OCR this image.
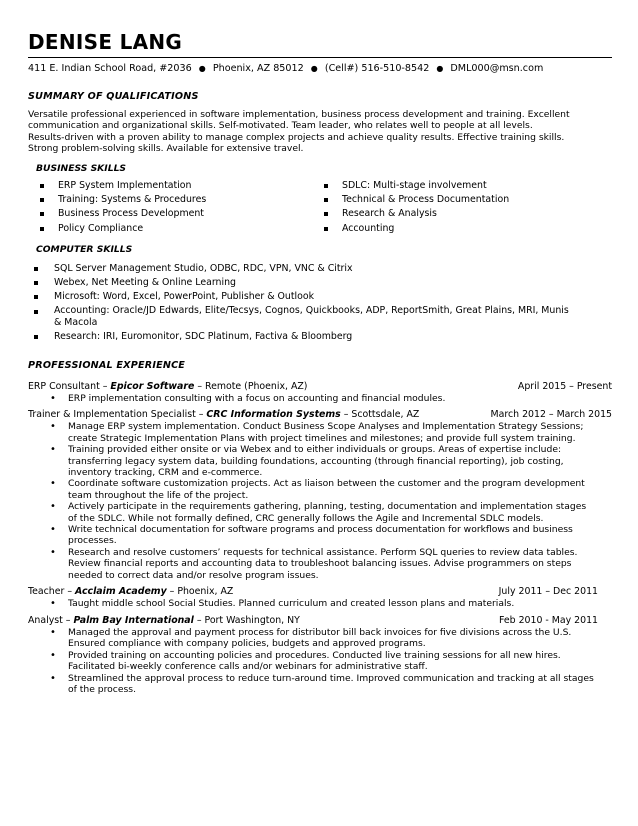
DENISE LANG
411 E. Indian School Road, #2036 ● Phoenix, AZ 85012 ● (Cell#) 516-510-8542 ● DML000@msn.com
SUMMARY OF QUALIFICATIONS

Versatile professional experienced in software implementation, business process development and training. Excellent

communication and organizational skills. Self-motivated. Team leader, who relates well to people at all levels.

Results-driven with a proven ability to manage complex projects and achieve quality results. Effective training skills.

Strong problem-solving skills. Available for extensive travel.

BUSINESS SKILLS
ERP System Implementation
Training: Systems & Procedures
Business Process Development
Policy Compliance
SDLC: Multi-stage involvement
Technical & Process Documentation
Research & Analysis
Accounting
COMPUTER SKILLS
SQL Server Management Studio, ODBC, RDC, VPN, VNC & Citrix
Webex, Net Meeting & Online Learning
Microsoft: Word, Excel, PowerPoint, Publisher & Outlook
Accounting: Oracle/JD Edwards, Elite/Tecsys, Cognos, Quickbooks, ADP, ReportSmith, Great Plains, MRI, Munis & Macola
Research: IRI, Euromonitor, SDC Platinum, Factiva & Bloomberg
PROFESSIONAL EXPERIENCE
ERP Consultant – Epicor Software – Remote (Phoenix, AZ)	April 2015 – Present
• ERP implementation consulting with a focus on accounting and financial modules.
Trainer & Implementation Specialist – CRC Information Systems – Scottsdale, AZ	March 2012 – March 2015
• Manage ERP system implementation. Conduct Business Scope Analyses and Implementation Strategy Sessions; create Strategic Implementation Plans with project timelines and milestones; and provide full system training.
• Training provided either onsite or via Webex and to either individuals or groups. Areas of expertise include: transferring legacy system data, building foundations, accounting (through financial reporting), job costing, inventory tracking, CRM and e-commerce.
• Coordinate software customization projects. Act as liaison between the customer and the program development team throughout the life of the project.
• Actively participate in the requirements gathering, planning, testing, documentation and implementation stages of the SDLC. While not formally defined, CRC generally follows the Agile and Incremental SDLC models.
• Write technical documentation for software programs and process documentation for workflows and business processes.
• Research and resolve customers’ requests for technical assistance. Perform SQL queries to review data tables. Review financial reports and accounting data to troubleshoot balancing issues. Advise programmers on steps needed to correct data and/or resolve program issues.
Teacher – Acclaim Academy – Phoenix, AZ	July 2011 – Dec 2011
• Taught middle school Social Studies. Planned curriculum and created lesson plans and materials.
Analyst – Palm Bay International – Port Washington, NY	Feb 2010 - May 2011
• Managed the approval and payment process for distributor bill back invoices for five divisions across the U.S. Ensured compliance with company policies, budgets and approved programs.
• Provided training on accounting policies and procedures. Conducted live training sessions for all new hires. Facilitated bi-weekly conference calls and/or webinars for administrative staff.
• Streamlined the approval process to reduce turn-around time. Improved communication and tracking at all stages of the process.
